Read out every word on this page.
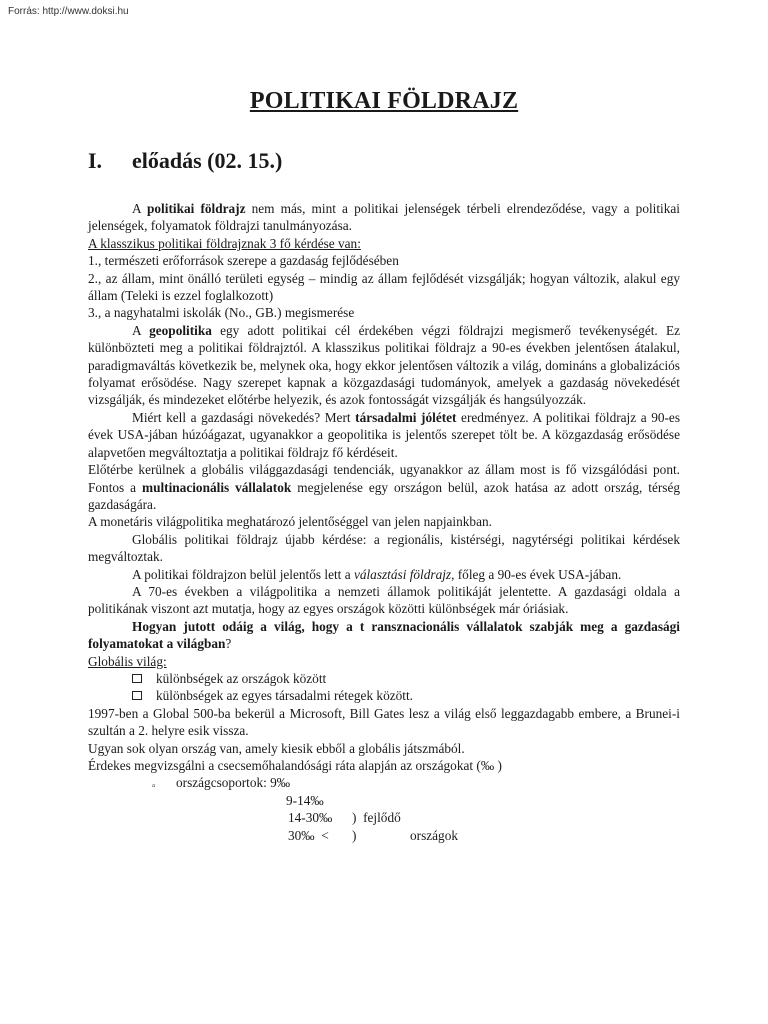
Forrás: http://www.doksi.hu
POLITIKAI FÖLDRAJZ
I. előadás (02. 15.)

A politikai földrajz nem más, mint a politikai jelenségek térbeli elrendeződése, vagy a politikai jelenségek, folyamatok földrajzi tanulmányozása.

A klasszikus politikai földrajznak 3 fő kérdése van:

1., természeti erőforrások szerepe a gazdaság fejlődésében

2., az állam, mint önálló területi egység – mindig az állam fejlődését vizsgálják; hogyan változik, alakul egy állam (Teleki is ezzel foglalkozott)

3., a nagyhatalmi iskolák (No., GB.) megismerése

A geopolitika egy adott politikai cél érdekében végzi földrajzi megismerő tevékenységét. Ez különbözteti meg a politikai földrajztól. A klasszikus politikai földrajz a 90-es években jelentősen átalakul, paradigmaváltás következik be, melynek oka, hogy ekkor jelentősen változik a világ, domináns a globalizációs folyamat erősödése. Nagy szerepet kapnak a közgazdasági tudományok, amelyek a gazdaság növekedését vizsgálják, és mindezeket előtérbe helyezik, és azok fontosságát vizsgálják és hangsúlyozzák.

Miért kell a gazdasági növekedés? Mert társadalmi jólétet eredményez. A politikai földrajz a 90-es évek USA-jában húzóágazat, ugyanakkor a geopolitika is jelentős szerepet tölt be. A közgazdaság erősödése alapvetően megváltoztatja a politikai földrajz fő kérdéseit.

Előtérbe kerülnek a globális világgazdasági tendenciák, ugyanakkor az állam most is fő vizsgálódási pont. Fontos a multinacionális vállalatok megjelenése egy országon belül, azok hatása az adott ország, térség gazdaságára.

A monetáris világpolitika meghatározó jelentőséggel van jelen napjainkban.

Globális politikai földrajz újabb kérdése: a regionális, kistérségi, nagytérségi politikai kérdések megváltoztak.

A politikai földrajzon belül jelentős lett a választási földrajz, főleg a 90-es évek USA-jában.

A 70-es években a világpolitika a nemzeti államok politikáját jelentette. A gazdasági oldala a politikának viszont azt mutatja, hogy az egyes országok közötti különbségek már óriásiak.

Hogyan jutott odáig a világ, hogy a t ransznacionális vállalatok szabják meg a gazdasági folyamatokat a világban?

Globális világ:

különbségek az országok között

különbségek az egyes társadalmi rétegek között.

1997-ben a Global 500-ba bekerül a Microsoft, Bill Gates lesz a világ első leggazdagabb embere, a Brunei-i szultán a 2. helyre esik vissza.

Ugyan sok olyan ország van, amely kiesik ebből a globális játszmából.

Érdekes megvizsgálni a csecsemőhalandósági ráta alapján az országokat (‰ )

▫ országcsoportok: 9‰
9-14‰
14-30‰ )  fejlődő
30‰  < )	országok
